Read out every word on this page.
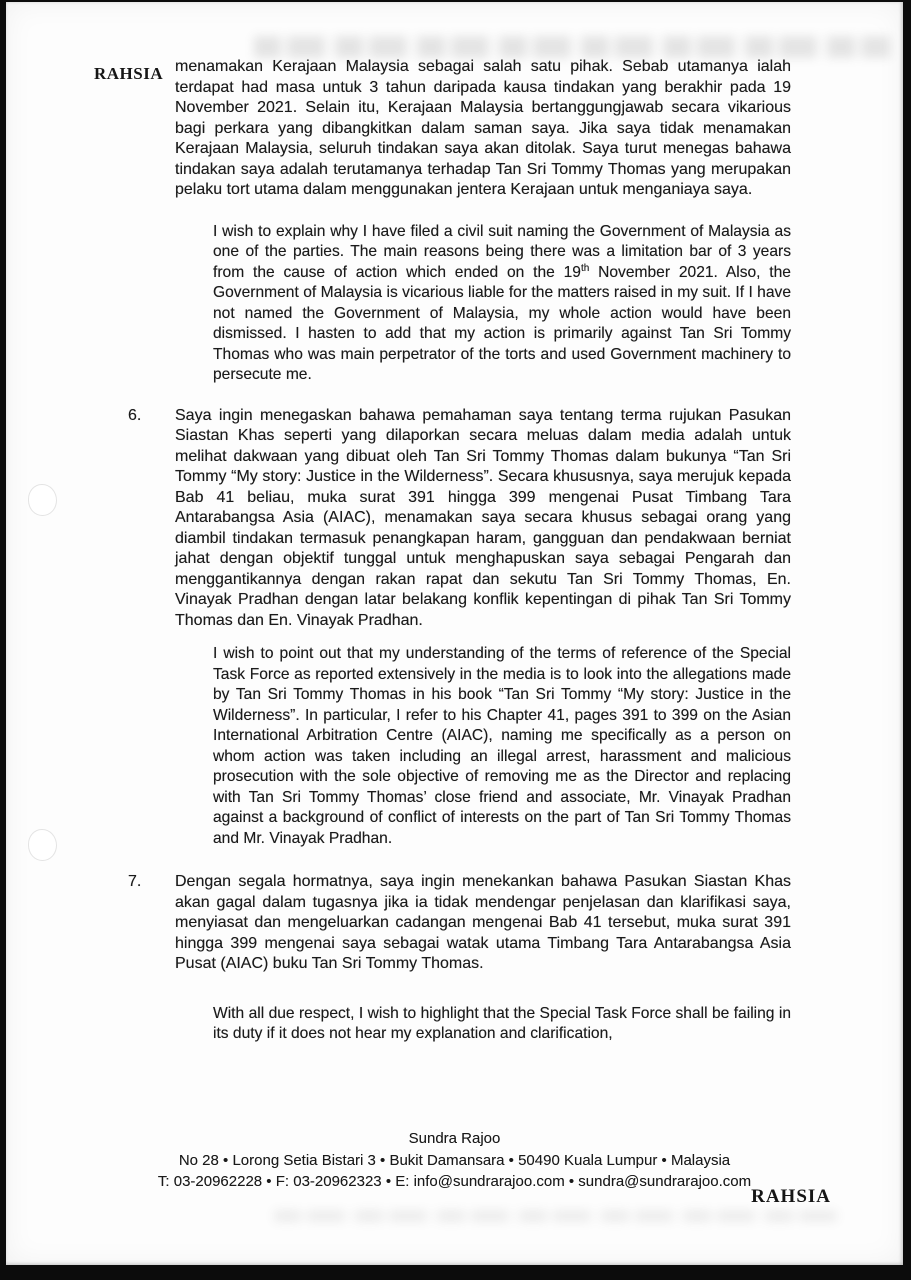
RAHSIA menamakan Kerajaan Malaysia sebagai salah satu pihak. Sebab utamanya ialah terdapat had masa untuk 3 tahun daripada kausa tindakan yang berakhir pada 19 November 2021. Selain itu, Kerajaan Malaysia bertanggungjawab secara vikarious bagi perkara yang dibangkitkan dalam saman saya. Jika saya tidak menamakan Kerajaan Malaysia, seluruh tindakan saya akan ditolak. Saya turut menegas bahawa tindakan saya adalah terutamanya terhadap Tan Sri Tommy Thomas yang merupakan pelaku tort utama dalam menggunakan jentera Kerajaan untuk menganiaya saya.

I wish to explain why I have filed a civil suit naming the Government of Malaysia as one of the parties. The main reasons being there was a limitation bar of 3 years from the cause of action which ended on the 19th November 2021. Also, the Government of Malaysia is vicarious liable for the matters raised in my suit. If I have not named the Government of Malaysia, my whole action would have been dismissed. I hasten to add that my action is primarily against Tan Sri Tommy Thomas who was main perpetrator of the torts and used Government machinery to persecute me.

6. Saya ingin menegaskan bahawa pemahaman saya tentang terma rujukan Pasukan Siastan Khas seperti yang dilaporkan secara meluas dalam media adalah untuk melihat dakwaan yang dibuat oleh Tan Sri Tommy Thomas dalam bukunya “Tan Sri Tommy “My story: Justice in the Wilderness”. Secara khususnya, saya merujuk kepada Bab 41 beliau, muka surat 391 hingga 399 mengenai Pusat Timbang Tara Antarabangsa Asia (AIAC), menamakan saya secara khusus sebagai orang yang diambil tindakan termasuk penangkapan haram, gangguan dan pendakwaan berniat jahat dengan objektif tunggal untuk menghapuskan saya sebagai Pengarah dan menggantikannya dengan rakan rapat dan sekutu Tan Sri Tommy Thomas, En. Vinayak Pradhan dengan latar belakang konflik kepentingan di pihak Tan Sri Tommy Thomas dan En. Vinayak Pradhan.

I wish to point out that my understanding of the terms of reference of the Special Task Force as reported extensively in the media is to look into the allegations made by Tan Sri Tommy Thomas in his book “Tan Sri Tommy “My story: Justice in the Wilderness”. In particular, I refer to his Chapter 41, pages 391 to 399 on the Asian International Arbitration Centre (AIAC), naming me specifically as a person on whom action was taken including an illegal arrest, harassment and malicious prosecution with the sole objective of removing me as the Director and replacing with Tan Sri Tommy Thomas’ close friend and associate, Mr. Vinayak Pradhan against a background of conflict of interests on the part of Tan Sri Tommy Thomas and Mr. Vinayak Pradhan.

7. Dengan segala hormatnya, saya ingin menekankan bahawa Pasukan Siastan Khas akan gagal dalam tugasnya jika ia tidak mendengar penjelasan dan klarifikasi saya, menyiasat dan mengeluarkan cadangan mengenai Bab 41 tersebut, muka surat 391 hingga 399 mengenai saya sebagai watak utama Timbang Tara Antarabangsa Asia Pusat (AIAC) buku Tan Sri Tommy Thomas.

With all due respect, I wish to highlight that the Special Task Force shall be failing in its duty if it does not hear my explanation and clarification,

Sundra Rajoo
No 28 • Lorong Setia Bistari 3 • Bukit Damansara • 50490 Kuala Lumpur • Malaysia
T: 03-20962228 • F: 03-20962323 • E: info@sundrarajoo.com • sundra@sundrarajoo.com
RAHSIA
